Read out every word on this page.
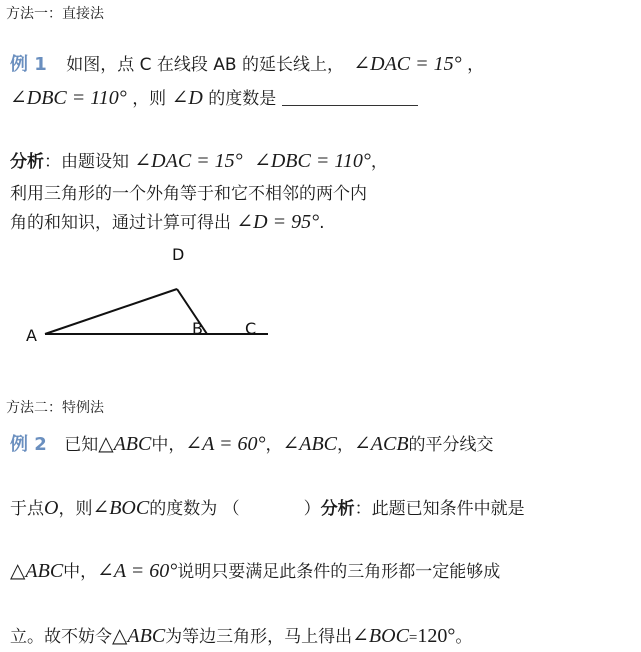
方法一：直接法
例 1 如图，点 C 在线段 AB 的延长线上， ∠DAC = 15° ，
∠DBC = 110° ，则 ∠D 的度数是
分析：由题设知 ∠DAC = 15° ∠DBC = 110°，
利用三角形的一个外角等于和它不相邻的两个内
角的和知识，通过计算可得出 ∠D = 95°.
D
A	B	C
方法二：特例法
例 2 已知△ABC中，∠A = 60°，∠ABC，∠ACB的平分线交
于点O，则∠BOC的度数为 （	）分析：此题已知条件中就是
△ABC中，∠A = 60°说明只要满足此条件的三角形都一定能够成
立。故不妨令△ABC为等边三角形，马上得出∠BOC=120°。
